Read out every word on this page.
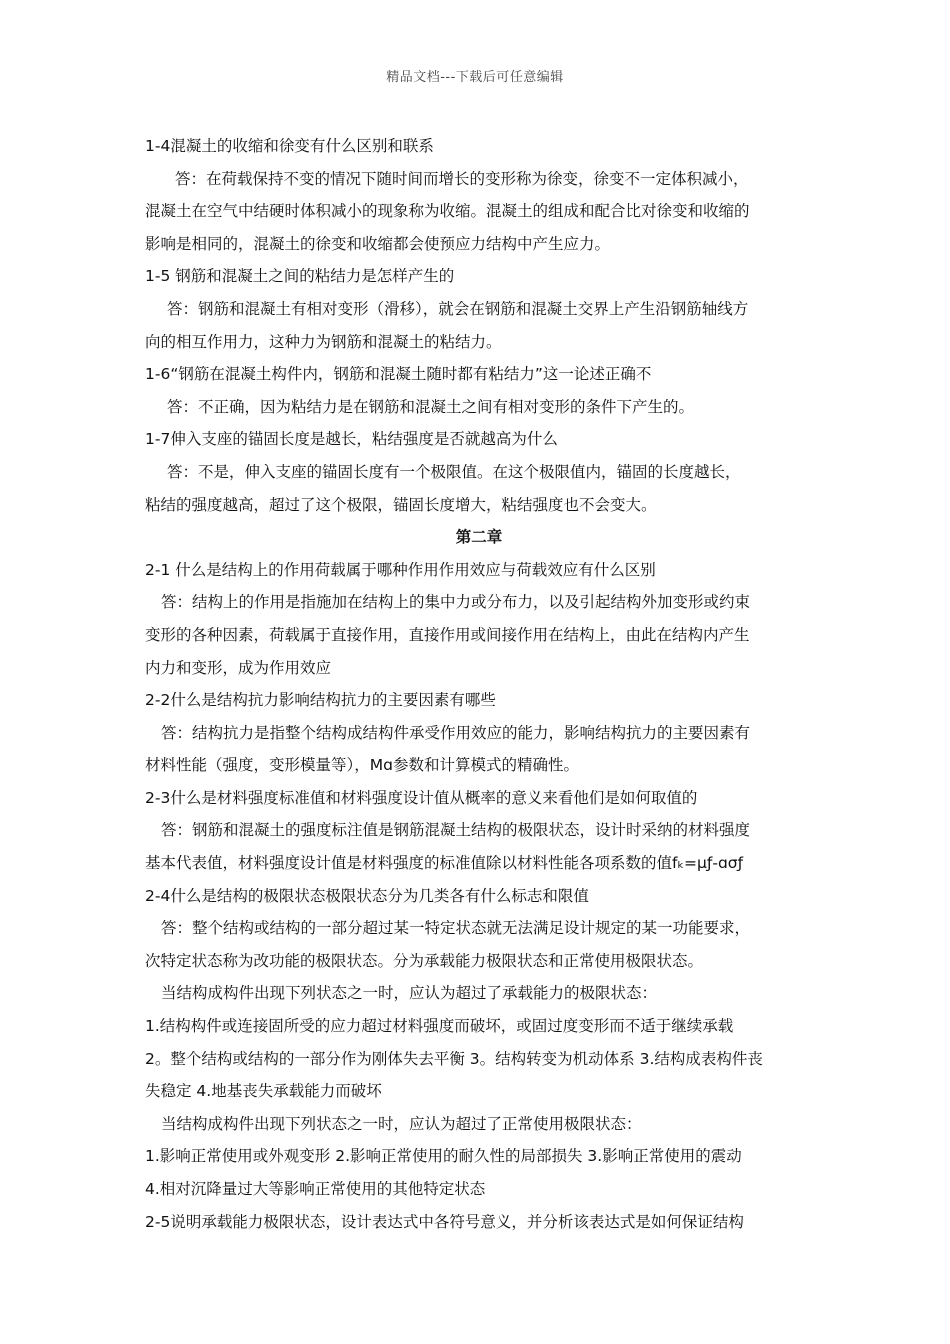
精品文档---下载后可任意编辑
1-4混凝土的收缩和徐变有什么区别和联系
答：在荷载保持不变的情况下随时间而增长的变形称为徐变，徐变不一定体积减小，
混凝土在空气中结硬时体积减小的现象称为收缩。混凝土的组成和配合比对徐变和收缩的
影响是相同的，混凝土的徐变和收缩都会使预应力结构中产生应力。
1-5 钢筋和混凝土之间的粘结力是怎样产生的
答：钢筋和混凝土有相对变形（滑移），就会在钢筋和混凝土交界上产生沿钢筋轴线方
向的相互作用力，这种力为钢筋和混凝土的粘结力。
1-6“钢筋在混凝土构件内，钢筋和混凝土随时都有粘结力”这一论述正确不
答：不正确，因为粘结力是在钢筋和混凝土之间有相对变形的条件下产生的。
1-7伸入支座的锚固长度是越长，粘结强度是否就越高为什么
答：不是，伸入支座的锚固长度有一个极限值。在这个极限值内，锚固的长度越长，
粘结的强度越高，超过了这个极限，锚固长度增大，粘结强度也不会变大。
第二章
2-1 什么是结构上的作用荷载属于哪种作用作用效应与荷载效应有什么区别
答：结构上的作用是指施加在结构上的集中力或分布力，以及引起结构外加变形或约束
变形的各种因素，荷载属于直接作用，直接作用或间接作用在结构上，由此在结构内产生
内力和变形，成为作用效应
2-2什么是结构抗力影响结构抗力的主要因素有哪些
答：结构抗力是指整个结构成结构件承受作用效应的能力，影响结构抗力的主要因素有
材料性能（强度，变形模量等），Mɑ参数和计算模式的精确性。
2-3什么是材料强度标准值和材料强度设计值从概率的意义来看他们是如何取值的
答：钢筋和混凝土的强度标注值是钢筋混凝土结构的极限状态，设计时采纳的材料强度
基本代表值，材料强度设计值是材料强度的标准值除以材料性能各项系数的值fₖ=μƒ-ɑσƒ
2-4什么是结构的极限状态极限状态分为几类各有什么标志和限值
答：整个结构或结构的一部分超过某一特定状态就无法满足设计规定的某一功能要求，
次特定状态称为改功能的极限状态。分为承载能力极限状态和正常使用极限状态。
当结构成构件出现下列状态之一时，应认为超过了承载能力的极限状态：
1.结构构件或连接固所受的应力超过材料强度而破坏，或固过度变形而不适于继续承载
2。整个结构或结构的一部分作为刚体失去平衡 3。结构转变为机动体系 3.结构成表构件丧
失稳定 4.地基丧失承载能力而破坏
当结构成构件出现下列状态之一时，应认为超过了正常使用极限状态：
1.影响正常使用或外观变形 2.影响正常使用的耐久性的局部损失 3.影响正常使用的震动
4.相对沉降量过大等影响正常使用的其他特定状态
2-5说明承载能力极限状态，设计表达式中各符号意义，并分析该表达式是如何保证结构
